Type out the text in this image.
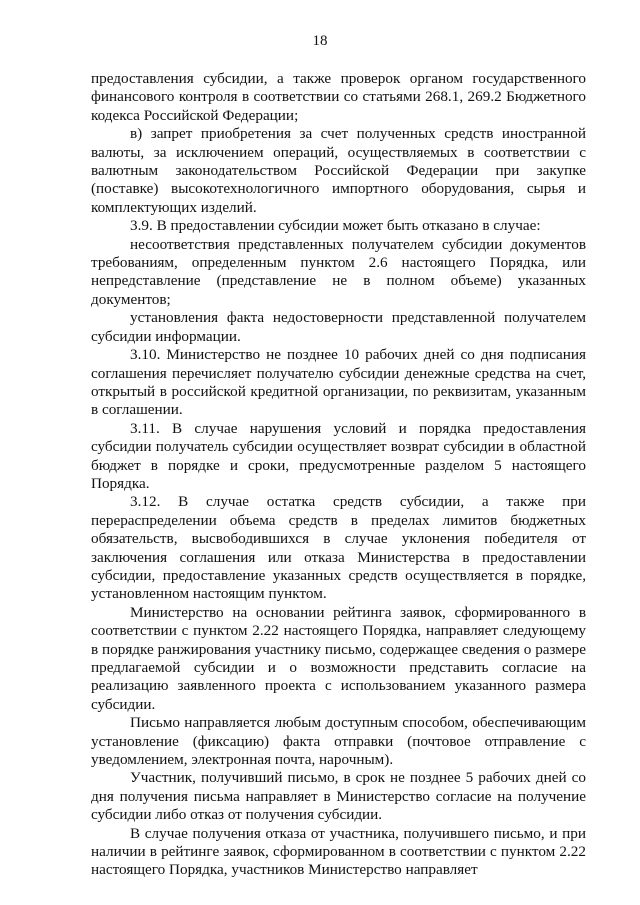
18

предоставления субсидии, а также проверок органом государственного финансового контроля в соответствии со статьями 268.1, 269.2 Бюджетного кодекса Российской Федерации;

в) запрет приобретения за счет полученных средств иностранной валюты, за исключением операций, осуществляемых в соответствии с валютным законодательством Российской Федерации при закупке (поставке) высокотехнологичного импортного оборудования, сырья и комплектующих изделий.

3.9. В предоставлении субсидии может быть отказано в случае:

несоответствия представленных получателем субсидии документов требованиям, определенным пунктом 2.6 настоящего Порядка, или непредставление (представление не в полном объеме) указанных документов;

установления факта недостоверности представленной получателем субсидии информации.

3.10. Министерство не позднее 10 рабочих дней со дня подписания соглашения перечисляет получателю субсидии денежные средства на счет, открытый в российской кредитной организации, по реквизитам, указанным в соглашении.

3.11. В случае нарушения условий и порядка предоставления субсидии получатель субсидии осуществляет возврат субсидии в областной бюджет в порядке и сроки, предусмотренные разделом 5 настоящего Порядка.

3.12. В случае остатка средств субсидии, а также при перераспределении объема средств в пределах лимитов бюджетных обязательств, высвободившихся в случае уклонения победителя от заключения соглашения или отказа Министерства в предоставлении субсидии, предоставление указанных средств осуществляется в порядке, установленном настоящим пунктом.

Министерство на основании рейтинга заявок, сформированного в соответствии с пунктом 2.22 настоящего Порядка, направляет следующему в порядке ранжирования участнику письмо, содержащее сведения о размере предлагаемой субсидии и о возможности представить согласие на реализацию заявленного проекта с использованием указанного размера субсидии.

Письмо направляется любым доступным способом, обеспечивающим установление (фиксацию) факта отправки (почтовое отправление с уведомлением, электронная почта, нарочным).

Участник, получивший письмо, в срок не позднее 5 рабочих дней со дня получения письма направляет в Министерство согласие на получение субсидии либо отказ от получения субсидии.

В случае получения отказа от участника, получившего письмо, и при наличии в рейтинге заявок, сформированном в соответствии с пунктом 2.22 настоящего Порядка, участников Министерство направляет
